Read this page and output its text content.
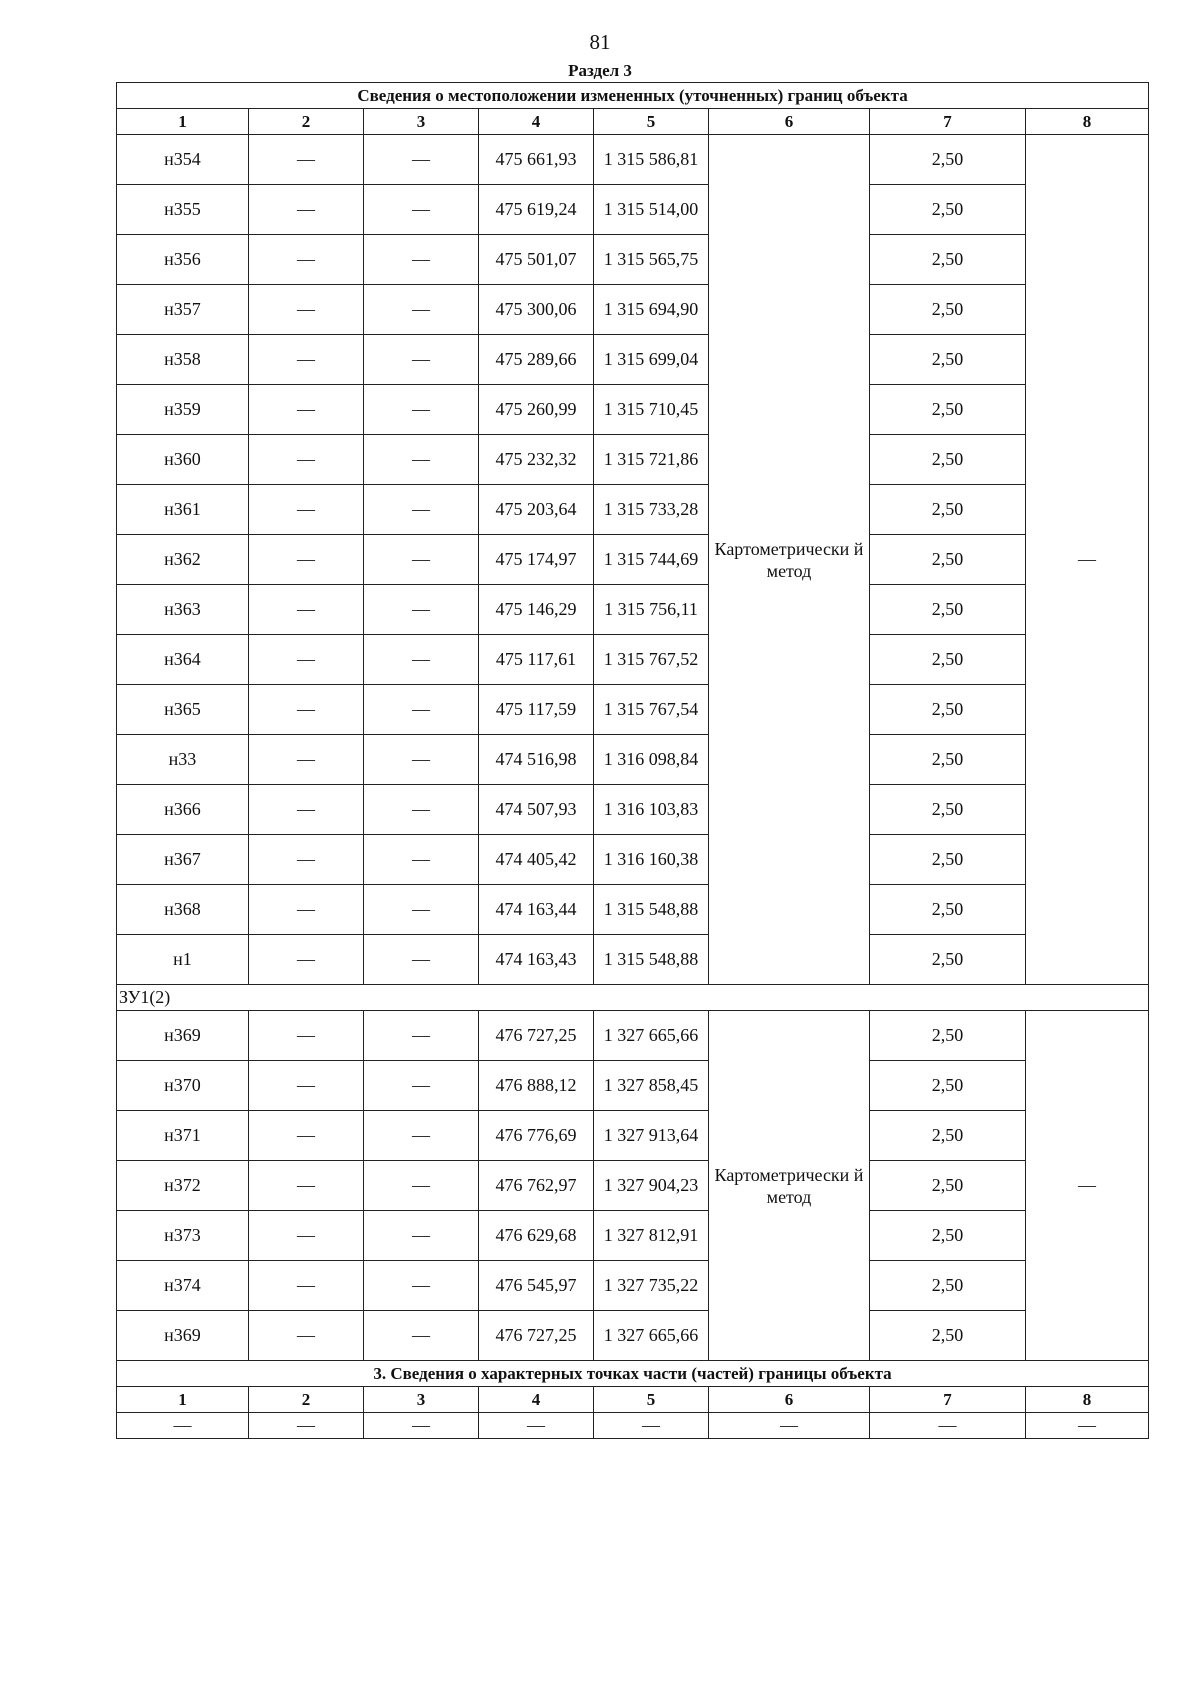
81
Раздел 3
Сведения о местоположении измененных (уточненных) границ объекта							
1	2	3	4	5	6	7	8
н354	—	—	475 661,93	1 315 586,81	Картометрически й метод	2,50	—
н355	—	—	475 619,24	1 315 514,00		2,50	
н356	—	—	475 501,07	1 315 565,75		2,50	
н357	—	—	475 300,06	1 315 694,90		2,50	
н358	—	—	475 289,66	1 315 699,04		2,50	
н359	—	—	475 260,99	1 315 710,45		2,50	
н360	—	—	475 232,32	1 315 721,86		2,50	
н361	—	—	475 203,64	1 315 733,28		2,50	
н362	—	—	475 174,97	1 315 744,69		2,50	
н363	—	—	475 146,29	1 315 756,11		2,50	
н364	—	—	475 117,61	1 315 767,52		2,50	
н365	—	—	475 117,59	1 315 767,54		2,50	
н33	—	—	474 516,98	1 316 098,84		2,50	
н366	—	—	474 507,93	1 316 103,83		2,50	
н367	—	—	474 405,42	1 316 160,38		2,50	
н368	—	—	474 163,44	1 315 548,88		2,50	
н1	—	—	474 163,43	1 315 548,88		2,50	
ЗУ1(2)							
н369	—	—	476 727,25	1 327 665,66	Картометрически й метод	2,50	—
н370	—	—	476 888,12	1 327 858,45		2,50	
н371	—	—	476 776,69	1 327 913,64		2,50	
н372	—	—	476 762,97	1 327 904,23		2,50	
н373	—	—	476 629,68	1 327 812,91		2,50	
н374	—	—	476 545,97	1 327 735,22		2,50	
н369	—	—	476 727,25	1 327 665,66		2,50	
3. Сведения о характерных точках части (частей) границы объекта							
1	2	3	4	5	6	7	8
—	—	—	—	—	—	—	—
